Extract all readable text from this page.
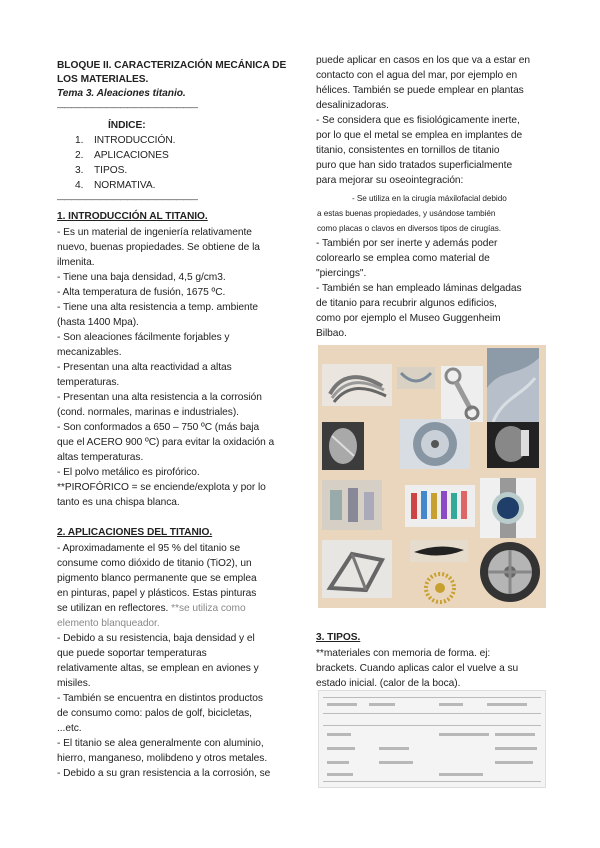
BLOQUE II. CARACTERIZACIÓN MECÁNICA DE
LOS MATERIALES.
Tema 3. Aleaciones titanio.
————————————————————
ÍNDICE:
1. INTRODUCCIÓN.
2. APLICACIONES
3. TIPOS.
4. NORMATIVA.
————————————————————
1. INTRODUCCIÓN AL TITANIO.
- Es un material de ingeniería relativamente
nuevo, buenas propiedades. Se obtiene de la
ilmenita.
- Tiene una baja densidad, 4,5 g/cm3.
- Alta temperatura de fusión, 1675 ºC.
- Tiene una alta resistencia a temp. ambiente
(hasta 1400 Mpa).
- Son aleaciones fácilmente forjables y
mecanizables.
- Presentan una alta reactividad a altas
temperaturas.
- Presentan una alta resistencia a la corrosión
(cond. normales, marinas e industriales).
- Son conformados a 650 – 750 ºC (más baja
que el ACERO 900 ºC) para evitar la oxidación a
altas temperaturas.
- El polvo metálico es pirofórico.
**PIROFÓRICO = se enciende/explota y por lo
tanto es una chispa blanca.
2. APLICACIONES DEL TITANIO.
- Aproximadamente el 95 % del titanio se
consume como dióxido de titanio (TiO2), un
pigmento blanco permanente que se emplea
en pinturas, papel y plásticos. Estas pinturas
se utilizan en reflectores. **se utiliza como
elemento blanqueador.
- Debido a su resistencia, baja densidad y el
que puede soportar temperaturas
relativamente altas, se emplean en aviones y
misiles.
- También se encuentra en distintos productos
de consumo como: palos de golf, bicicletas,
...etc.
- El titanio se alea generalmente con aluminio,
hierro, manganeso, molibdeno y otros metales.
- Debido a su gran resistencia a la corrosión, se
puede aplicar en casos en los que va a estar en
contacto con el agua del mar, por ejemplo en
hélices. También se puede emplear en plantas
desalinizadoras.
- Se considera que es fisiológicamente inerte,
por lo que el metal se emplea en implantes de
titanio, consistentes en tornillos de titanio
puro que han sido tratados superficialmente
para mejorar su oseointegración:
- Se utiliza en la cirugía máxilofacial debido
a estas buenas propiedades, y usándose también
como placas o clavos en diversos tipos de cirugías.
- También por ser inerte y además poder
colorearlo se emplea como material de
"piercings".
- También se han empleado láminas delgadas
de titanio para recubrir algunos edificios,
como por ejemplo el Museo Guggenheim
Bilbao.
3. TIPOS.
**materiales con memoria de forma. ej:
brackets. Cuando aplicas calor el vuelve a su
estado inicial. (calor de la boca).
